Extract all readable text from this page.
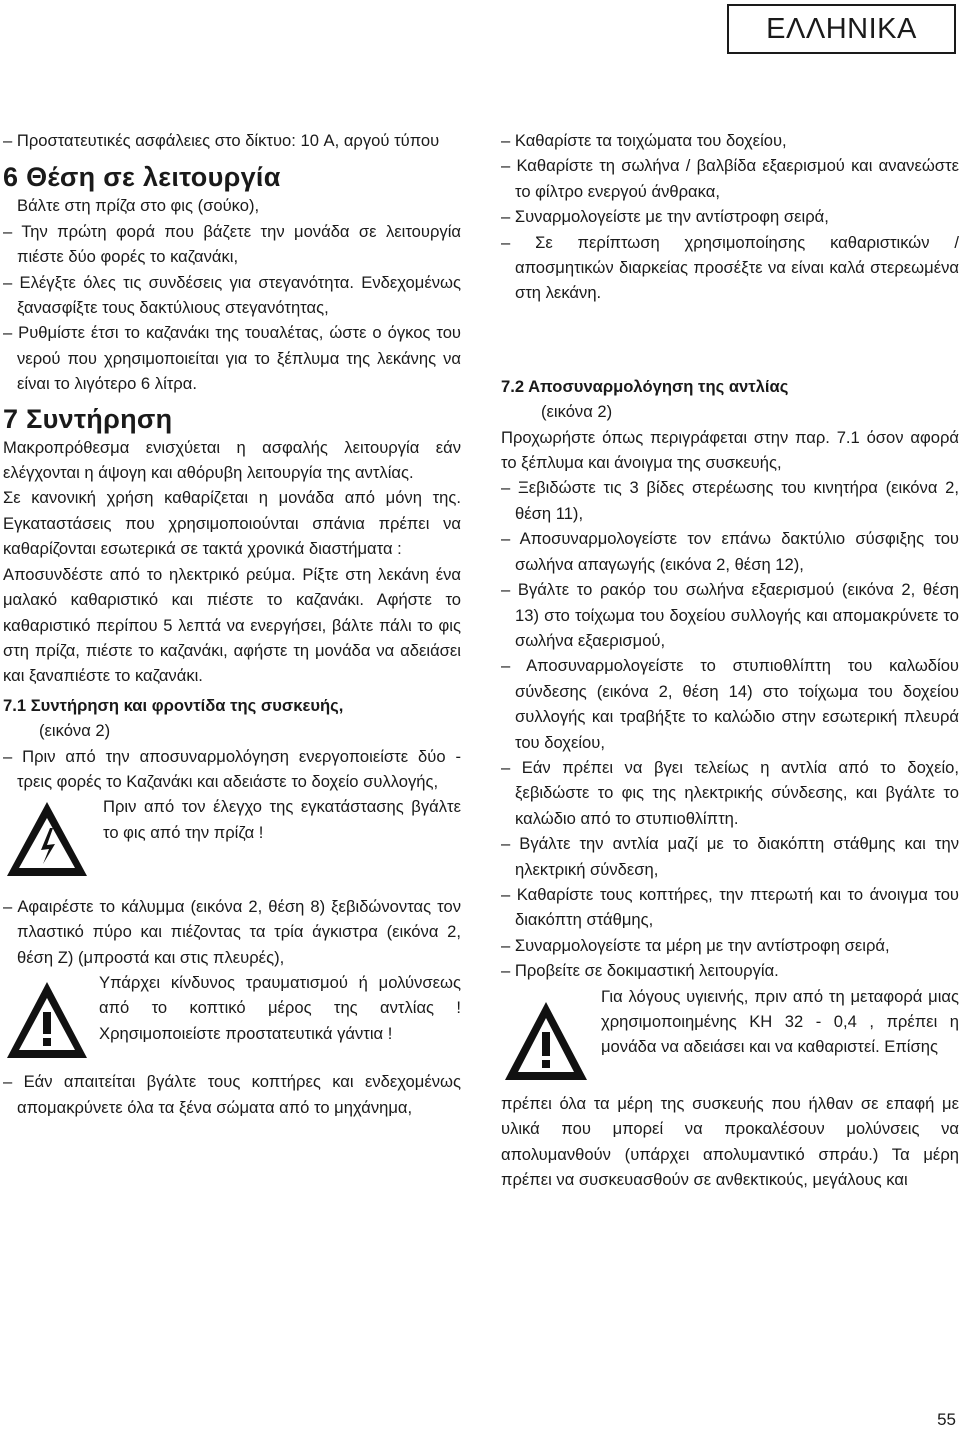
ΕΛΛΗΝΙΚΑ

– Προστατευτικές ασφάλειες στο δίκτυο: 10 A, αργού τύπου

6 Θέση σε λειτουργία

Βάλτε στη πρίζα στο φις (σούκο),

– Την πρώτη φορά που βάζετε την μονάδα σε λειτουργία πιέστε δύο φορές το καζανάκι,

– Ελέγξτε όλες τις συνδέσεις για στεγανότητα. Ενδεχομένως ξανασφίξτε τους δακτύλιους στεγανότητας,

– Ρυθμίστε έτσι το καζανάκι της τουαλέτας, ώστε ο όγκος του νερού που χρησιμοποιείται για το ξέπλυμα της λεκάνης να είναι το λιγότερο 6 λίτρα.

7 Συντήρηση

Μακροπρόθεσμα ενισχύεται η ασφαλής λειτουργία εάν ελέγχονται η άψογη και αθόρυβη λειτουργία της αντλίας.

Σε κανονική χρήση καθαρίζεται η μονάδα από μόνη της. Εγκαταστάσεις που χρησιμοποιούνται σπάνια πρέπει να καθαρίζονται εσωτερικά σε τακτά χρονικά διαστήματα :

Αποσυνδέστε από το ηλεκτρικό ρεύμα. Ρίξτε στη λεκάνη ένα μαλακό καθαριστικό και πιέστε το καζανάκι. Αφήστε το καθαριστικό περίπου 5 λεπτά να ενεργήσει, βάλτε πάλι το φις στη πρίζα, πιέστε το καζανάκι, αφήστε τη μονάδα να αδειάσει και ξαναπιέστε το καζανάκι.

7.1 Συντήρηση και φροντίδα της συσκευής,

(εικόνα 2)

– Πριν από την αποσυναρμολόγηση ενεργοποιείστε δύο - τρεις φορές το Καζανάκι και αδειάστε το δοχείο συλλογής,

Πριν από τον έλεγχο της εγκατάστασης βγάλτε το φις από την πρίζα !

– Αφαιρέστε το κάλυμμα (εικόνα 2, θέση 8) ξεβιδώνοντας τον πλαστικό πύρο και πιέζοντας τα τρία άγκιστρα (εικόνα 2, θέση Z) (μπροστά και στις πλευρές),

Υπάρχει κίνδυνος τραυματισμού ή μολύνσεως από το κοπτικό μέρος της αντλίας ! Χρησιμοποιείστε προστατευτικά γάντια !

– Εάν απαιτείται βγάλτε τους κοπτήρες και ενδεχομένως απομακρύνετε όλα τα ξένα σώματα από το μηχάνημα,

– Καθαρίστε τα τοιχώματα του δοχείου,

– Καθαρίστε τη σωλήνα / βαλβίδα εξαερισμού και ανανεώστε το φίλτρο ενεργού άνθρακα,

– Συναρμολογείστε με την αντίστροφη σειρά,

– Σε περίπτωση χρησιμοποίησης καθαριστικών / αποσμητικών διαρκείας προσέξτε να είναι καλά στερεωμένα στη λεκάνη.

7.2 Αποσυναρμολόγηση της αντλίας

(εικόνα 2)

Προχωρήστε όπως περιγράφεται στην παρ. 7.1 όσον αφορά το ξέπλυμα και άνοιγμα της συσκευής,

– Ξεβιδώστε τις 3 βίδες στερέωσης του κινητήρα (εικόνα 2, θέση 11),

– Αποσυναρμολογείστε τον επάνω δακτύλιο σύσφιξης του σωλήνα απαγωγής (εικόνα 2, θέση 12),

– Βγάλτε το ρακόρ του σωλήνα εξαερισμού (εικόνα 2, θέση 13) στο τοίχωμα του δοχείου συλλογής και απομακρύνετε το σωλήνα εξαερισμού,

– Αποσυναρμολογείστε το στυπιοθλίπτη του καλωδίου σύνδεσης (εικόνα 2, θέση 14) στο τοίχωμα του δοχείου συλλογής και τραβήξτε το καλώδιο στην εσωτερική πλευρά του δοχείου,

– Εάν πρέπει να βγει τελείως η αντλία από το δοχείο, ξεβιδώστε το φις της ηλεκτρικής σύνδεσης, και βγάλτε το καλώδιο από το στυπιοθλίπτη.

– Βγάλτε την αντλία μαζί με το διακόπτη στάθμης και την ηλεκτρική σύνδεση,

– Καθαρίστε τους κοπτήρες, την πτερωτή και το άνοιγμα του διακόπτη στάθμης,

– Συναρμολογείστε τα μέρη με την αντίστροφη σειρά,

– Προβείτε σε δοκιμαστική λειτουργία.

Για λόγους υγιεινής, πριν από τη μεταφορά μιας χρησιμοποιημένης KH 32 - 0,4 , πρέπει η μονάδα να αδειάσει και να καθαριστεί. Επίσης

πρέπει όλα τα μέρη της συσκευής που ήλθαν σε επαφή με υλικά που μπορεί να προκαλέσουν μολύνσεις να απολυμανθούν (υπάρχει απολυμαντικό σπράυ.) Τα μέρη πρέπει να συσκευασθούν σε ανθεκτικούς, μεγάλους και

55
